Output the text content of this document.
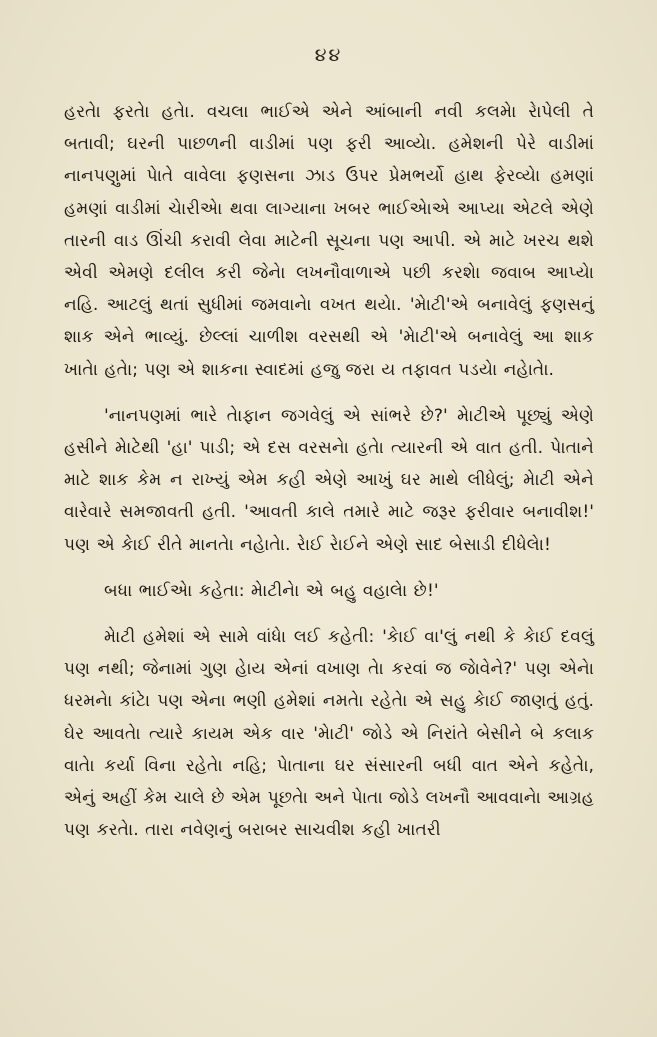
૪૪

હરતેા ફરતેા હતેા. વચલા ભાઈએ એને આંબાની નવી કલમેા રેાપેલી તે બતાવી; ઘરની પાછળની વાડીમાં પણ ફરી આવ્યેા. હમેશની પેરે વાડીમાં નાનપણુમાં પેાતે વાવેલા ફણસના ઝાડ ઉપર પ્રેમભર્યો હાથ ફેરવ્યેા હમણાં હમણાં વાડીમાં ચેારીએા થવા લાગ્યાના ખબર ભાઈએાએ આપ્યા એટલે એણે તારની વાડ ઊંચી કરાવી લેવા માટેની સૂચના પણ આપી. એ માટે ખરચ થશે એવી એમણે દલીલ કરી જેનેા લખનૌવાળાએ પછી કરશેા જવાબ આપ્યેા નહિ. આટલું થતાં સુધીમાં જમવાનેા વખત થયેા. 'મેાટી'એ બનાવેલું ફણસનું શાક એને ભાવ્યું. છેલ્લાં ચાળીશ વરસથી એ 'મેાટી'એ બનાવેલું આ શાક ખાતેા હતેા; પણ એ શાકના સ્વાદમાં હજુ જરા ય તફાવત પડયેા નહેાતેા.

'નાનપણમાં ભારે તેાફાન જગવેલું એ સાંભરે છે?' મેાટીએ પૂછ્યું એણે હસીને મેાટેથી 'હા' પાડી; એ દસ વરસનેા હતેા ત્યારની એ વાત હતી. પેાતાને માટે શાક કેમ ન રાખ્યું એમ કહી એણે આખું ઘર માથે લીધેલું; મેાટી એને વારેવારે સમજાવતી હતી. 'આવતી કાલે તમારે માટે જરૂર ફરીવાર બનાવીશ!' પણ એ કેાઈ રીતે માનતેા નહેાતેા. રેાઈ રેાઈને એણે સાદ બેસાડી દીધેલેા!

બધા ભાઈએા કહેતા: મેાટીનેા એ બહુ વહાલેા છે!'

મેાટી હમેશાં એ સામે વાંધેા લઈ કહેતી: 'કેાઈ વા'લું નથી કે કેાઈ દવલું પણ નથી; જેનામાં ગુણ હેાય એનાં વખાણ તેા કરવાં જ જેાવેને?' પણ એનેા ધરમનેા કાંટેા પણ એના ભણી હમેશાં નમતેા રહેતેા એ સહુ કેાઈ જાણતું હતું. ઘેર આવતેા ત્યારે કાયમ એક વાર 'મેાટી' જોડે એ નિરાંતે બેસીને બે કલાક વાતેા કર્યા વિના રહેતેા નહિ; પેાતાના ઘર સંસારની બધી વાત એને કહેતેા, એનું અહીં કેમ ચાલે છે એમ પૂછતેા અને પેાતા જોડે લખનૌ આવવાનેા આગ્રહ પણ કરતેા. તારા નવેણનું બરાબર સાચવીશ કહી ખાતરી
